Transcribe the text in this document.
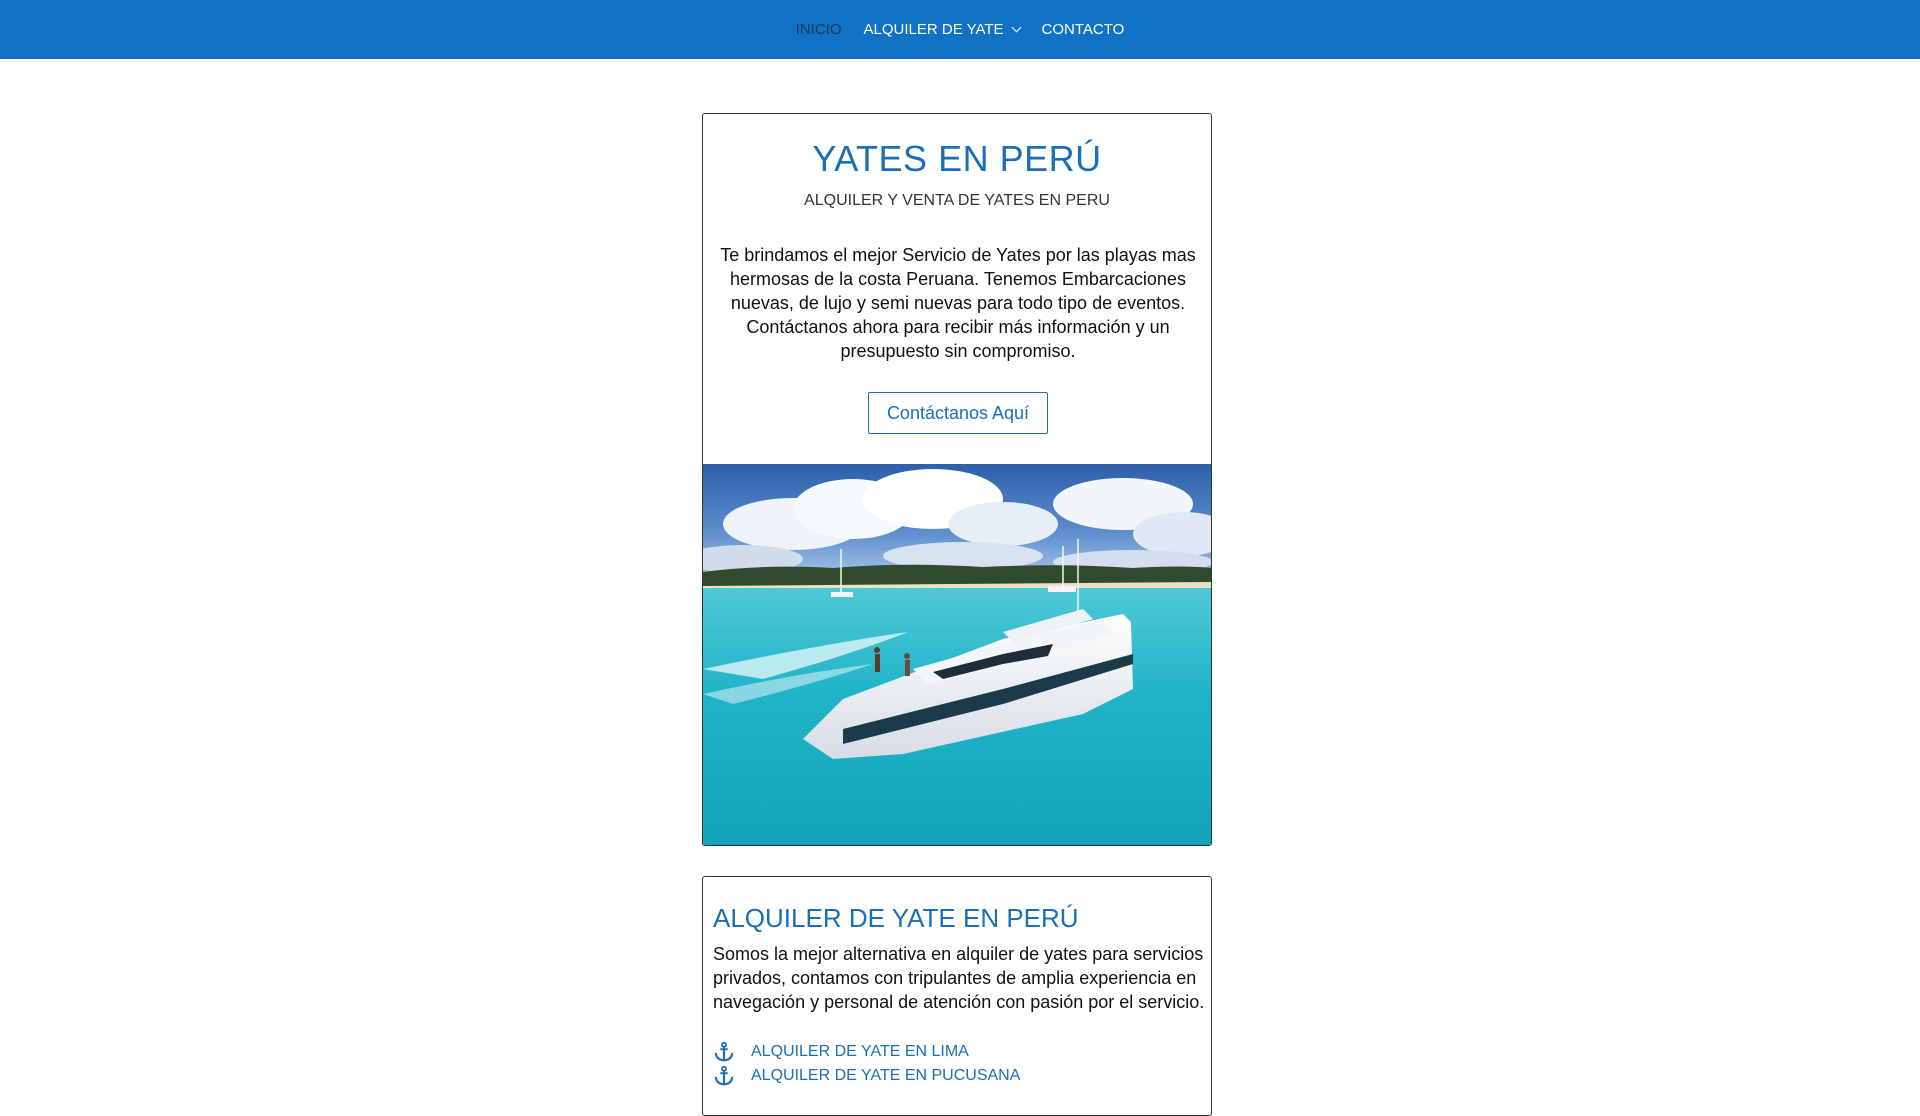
INICIO ALQUILER DE YATE	CONTACTO
YATES EN PERÚ
ALQUILER Y VENTA DE YATES EN PERU
Te brindamos el mejor Servicio de Yates por las playas mas hermosas de la costa Peruana. Tenemos Embarcaciones nuevas, de lujo y semi nuevas para todo tipo de eventos. Contáctanos ahora para recibir más información y un presupuesto sin compromiso.
Contáctanos Aquí
ALQUILER DE YATE EN PERÚ
Somos la mejor alternativa en alquiler de yates para servicios privados, contamos con tripulantes de amplia experiencia en navegación y personal de atención con pasión por el servicio.
ALQUILER DE YATE EN LIMA
ALQUILER DE YATE EN PUCUSANA
